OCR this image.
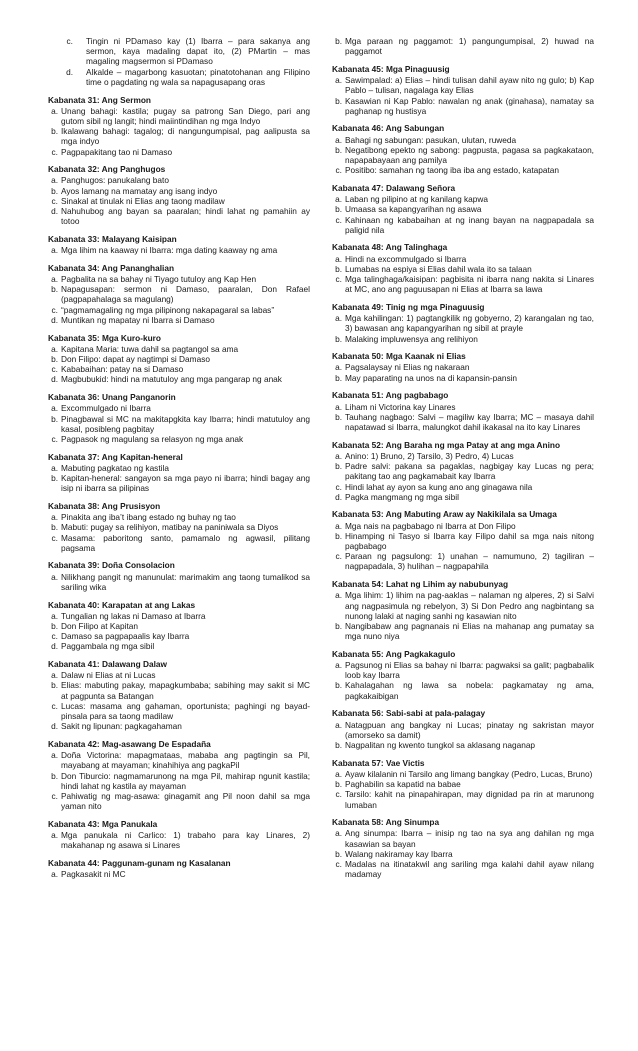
c.	Tingin ni PDamaso kay (1) Ibarra – para sakanya ang sermon, kaya madaling dapat ito, (2) PMartin – mas magaling magsermon si PDamaso
d.	Alkalde – magarbong kasuotan; pinatotohanan ang Filipino time o pagdating ng wala sa napagusapang oras
Kabanata 31: Ang Sermon
a. Unang bahagi: kastila; pugay sa patrong San Diego, pari ang gutom sibil ng langit; hindi maiintindihan ng mga Indyo
b. Ikalawang bahagi: tagalog; di nangungumpisal, pag aalipusta sa mga indyo
c. Pagpapakitang tao ni Damaso
Kabanata 32: Ang Panghugos
a. Panghugos: panukalang bato
b. Ayos lamang na mamatay ang isang indyo
c. Sinakal at tinulak ni Elias ang taong madilaw
d. Nahuhubog ang bayan sa paaralan; hindi lahat ng pamahiin ay totoo
Kabanata 33: Malayang Kaisipan
a. Mga lihim na kaaway ni Ibarra: mga dating kaaway ng ama
Kabanata 34: Ang Pananghalian
a. Pagbalita na sa bahay ni Tiyago tutuloy ang Kap Hen
b. Napagusapan: sermon ni Damaso, paaralan, Don Rafael (pagpapahalaga sa magulang)
c. “pagmamagaling ng mga pilipinong nakapagaral sa labas”
d. Muntikan ng mapatay ni Ibarra si Damaso
Kabanata 35: Mga Kuro-kuro
a. Kapitana Maria: tuwa dahil sa pagtangol sa ama
b. Don Filipo: dapat ay nagtimpi si Damaso
c. Kababaihan: patay na si Damaso
d. Magbubukid: hindi na matutuloy ang mga pangarap ng anak
Kabanata 36: Unang Panganorin
a. Excommulgado ni Ibarra
b. Pinagbawal si MC na makitapgkita kay Ibarra; hindi matutuloy ang kasal, posibleng pagbitay
c. Pagpasok ng magulang sa relasyon ng mga anak
Kabanata 37: Ang Kapitan-heneral
a. Mabuting pagkatao ng kastila
b. Kapitan-heneral: sangayon sa mga payo ni ibarra; hindi bagay ang isip ni ibarra sa pilipinas
Kabanata 38: Ang Prusisyon
a. Pinakita ang iba’t ibang estado ng buhay ng tao
b. Mabuti: pugay sa relihiyon, matibay na paniniwala sa Diyos
c. Masama: paboritong santo, pamamalo ng agwasil, pilitang pagsama
Kabanata 39: Doña Consolacion
a. Nilikhang pangit ng manunulat: marimakim ang taong tumalikod sa sariling wika
Kabanata 40: Karapatan at ang Lakas
a. Tungalian ng lakas ni Damaso at Ibarra
b. Don Filipo at Kapitan
c. Damaso sa pagpapaalis kay Ibarra
d. Paggambala ng mga sibil
Kabanata 41: Dalawang Dalaw
a. Dalaw ni Elias at ni Lucas
b. Elias: mabuting pakay, mapagkumbaba; sabihing may sakit si MC at pagpunta sa Batangan
c. Lucas: masama ang gahaman, oportunista; paghingi ng bayad-pinsala para sa taong madilaw
d. Sakit ng lipunan: pagkagahaman
Kabanata 42: Mag-asawang De Espadaña
a. Doña Victorina: mapagmataas, mababa ang pagtingin sa Pil, mayabang at mayaman; kinahihiya ang pagkaPil
b. Don Tiburcio: nagmamarunong na mga Pil, mahirap ngunit kastila; hindi lahat ng kastila ay mayaman
c. Pahiwatig ng mag-asawa: ginagamit ang Pil noon dahil sa mga yaman nito
Kabanata 43: Mga Panukala
a. Mga panukala ni Carlico: 1) trabaho para kay Linares, 2) makahanap ng asawa si Linares
Kabanata 44: Paggunam-gunam ng Kasalanan
a. Pagkasakit ni MC
b. Mga paraan ng paggamot: 1) pangungumpisal, 2) huwad na paggamot
Kabanata 45: Mga Pinaguusig
a. Sawimpalad: a) Elias – hindi tulisan dahil ayaw nito ng gulo; b) Kap Pablo – tulisan, nagalaga kay Elias
b. Kasawian ni Kap Pablo: nawalan ng anak (ginahasa), namatay sa paghanap ng hustisya
Kabanata 46: Ang Sabungan
a. Bahagi ng sabungan: pasukan, ulutan, ruweda
b. Negatibong epekto ng sabong: pagpusta, pagasa sa pagkakataon, napapabayaan ang pamilya
c. Positibo: samahan ng taong iba iba ang estado, katapatan
Kabanata 47: Dalawang Señora
a. Laban ng pilipino at ng kanilang kapwa
b. Umaasa sa kapangyarihan ng asawa
c. Kahinaan ng kababaihan at ng inang bayan na nagpapadala sa paligid nila
Kabanata 48: Ang Talinghaga
a. Hindi na excommulgado si Ibarra
b. Lumabas na espiya si Elias dahil wala ito sa talaan
c. Mga talinghaga/kaisipan: pagbisita ni ibarra nang nakita si Linares at MC, ano ang paguusapan ni Elias at Ibarra sa lawa
Kabanata 49: Tinig ng mga Pinaguusig
a. Mga kahilingan: 1) pagtangkilik ng gobyerno, 2) karangalan ng tao, 3) bawasan ang kapangyarihan ng sibil at prayle
b. Malaking impluwensya ang relihiyon
Kabanata 50: Mga Kaanak ni Elias
a. Pagsalaysay ni Elias ng nakaraan
b. May paparating na unos na di kapansin-pansin
Kabanata 51: Ang pagbabago
a. Liham ni Victorina kay Linares
b. Tauhang nagbago: Salvi – magiliw kay Ibarra; MC – masaya dahil napatawad si Ibarra, malungkot dahil ikakasal na ito kay Linares
Kabanata 52: Ang Baraha ng mga Patay at ang mga Anino
a. Anino: 1) Bruno, 2) Tarsilo, 3) Pedro, 4) Lucas
b. Padre salvi: pakana sa pagaklas, nagbigay kay Lucas ng pera; pakitang tao ang pagkamabait kay Ibarra
c. Hindi lahat ay ayon sa kung ano ang ginagawa nila
d. Pagka mangmang ng mga sibil
Kabanata 53: Ang Mabuting Araw ay Nakikilala sa Umaga
a. Mga nais na pagbabago ni Ibarra at Don Filipo
b. Hinamping ni Tasyo si Ibarra kay Filipo dahil sa mga nais nitong pagbabago
c. Paraan ng pagsulong: 1) unahan – namumuno, 2) tagiliran – nagpapadala, 3) hulihan – nagpapahila
Kabanata 54: Lahat ng Lihim ay nabubunyag
a. Mga lihim: 1) lihim na pag-aaklas – nalaman ng alperes, 2) si Salvi ang nagpasimula ng rebelyon, 3) Si Don Pedro ang nagbintang sa nunong lalaki at naging sanhi ng kasawian nito
b. Nangibabaw ang pagnanais ni Elias na mahanap ang pumatay sa mga nuno niya
Kabanata 55: Ang Pagkakagulo
a. Pagsunog ni Elias sa bahay ni Ibarra: pagwaksi sa galit; pagbabalik loob kay Ibarra
b. Kahalagahan ng lawa sa nobela: pagkamatay ng ama, pagkakaibigan
Kabanata 56: Sabi-sabi at pala-palagay
a. Natagpuan ang bangkay ni Lucas; pinatay ng sakristan mayor (amorseko sa damit)
b. Nagpalitan ng kwento tungkol sa aklasang naganap
Kabanata 57: Vae Victis
a. Ayaw kilalanin ni Tarsilo ang limang bangkay (Pedro, Lucas, Bruno)
b. Paghabilin sa kapatid na babae
c. Tarsilo: kahit na pinapahirapan, may dignidad pa rin at marunong lumaban
Kabanata 58: Ang Sinumpa
a. Ang sinumpa: Ibarra – inisip ng tao na sya ang dahilan ng mga kasawian sa bayan
b. Walang nakiramay kay Ibarra
c. Madalas na itinatakwil ang sariling mga kalahi dahil ayaw nilang madamay
